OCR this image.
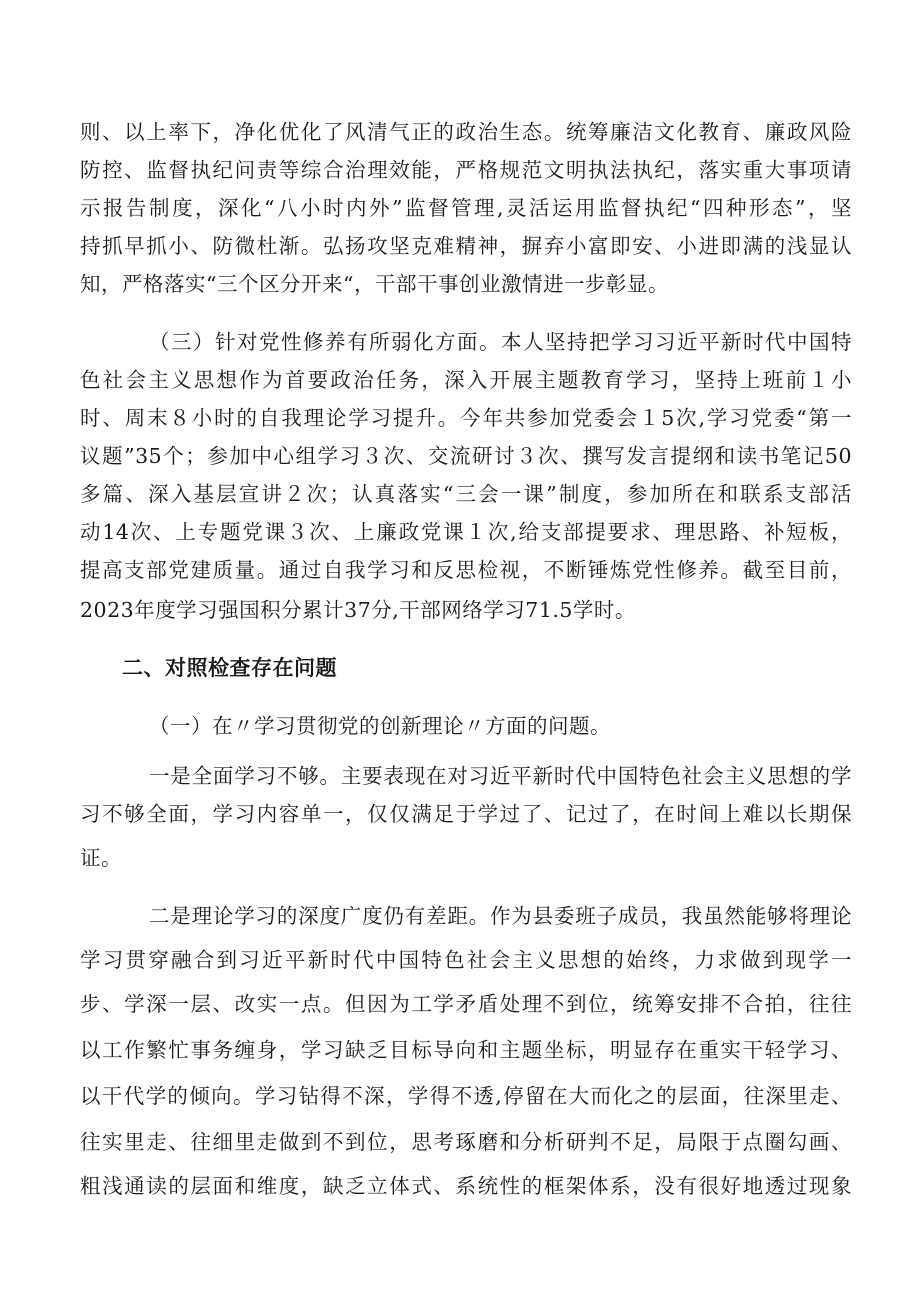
则、以上率下，净化优化了风清气正的政治生态。统筹廉洁文化教育、廉政风险
防控、监督执纪问责等综合治理效能，严格规范文明执法执纪，落实重大事项请
示报告制度，深化“八小时内外”监督管理,灵活运用监督执纪“四种形态”，坚
持抓早抓小、防微杜渐。弘扬攻坚克难精神，摒弃小富即安、小进即满的浅显认
知，严格落实“三个区分开来“，干部干事创业激情进一步彰显。
（三）针对党性修养有所弱化方面。本人坚持把学习习近平新时代中国特
色社会主义思想作为首要政治任务，深入开展主题教育学习，坚持上班前１小
时、周末８小时的自我理论学习提升。今年共参加党委会１5次,学习党委“第一
议题”35个；参加中心组学习３次、交流研讨３次、撰写发言提纲和读书笔记50
多篇、深入基层宣讲２次；认真落实“三会一课”制度，参加所在和联系支部活
动14次、上专题党课３次、上廉政党课１次,给支部提要求、理思路、补短板，
提高支部党建质量。通过自我学习和反思检视，不断锤炼党性修养。截至目前，
2023年度学习强国积分累计37分,干部网络学习71.5学时。
二、对照检查存在问题
（一）在〃学习贯彻党的创新理论〃方面的问题。
一是全面学习不够。主要表现在对习近平新时代中国特色社会主义思想的学
习不够全面，学习内容单一，仅仅满足于学过了、记过了，在时间上难以长期保
证。
二是理论学习的深度广度仍有差距。作为县委班子成员，我虽然能够将理论
学习贯穿融合到习近平新时代中国特色社会主义思想的始终，力求做到现学一
步、学深一层、改实一点。但因为工学矛盾处理不到位，统筹安排不合拍，往往
以工作繁忙事务缠身，学习缺乏目标导向和主题坐标，明显存在重实干轻学习、
以干代学的倾向。学习钻得不深，学得不透,停留在大而化之的层面，往深里走、
往实里走、往细里走做到不到位，思考琢磨和分析研判不足，局限于点圈勾画、
粗浅通读的层面和维度，缺乏立体式、系统性的框架体系，没有很好地透过现象
